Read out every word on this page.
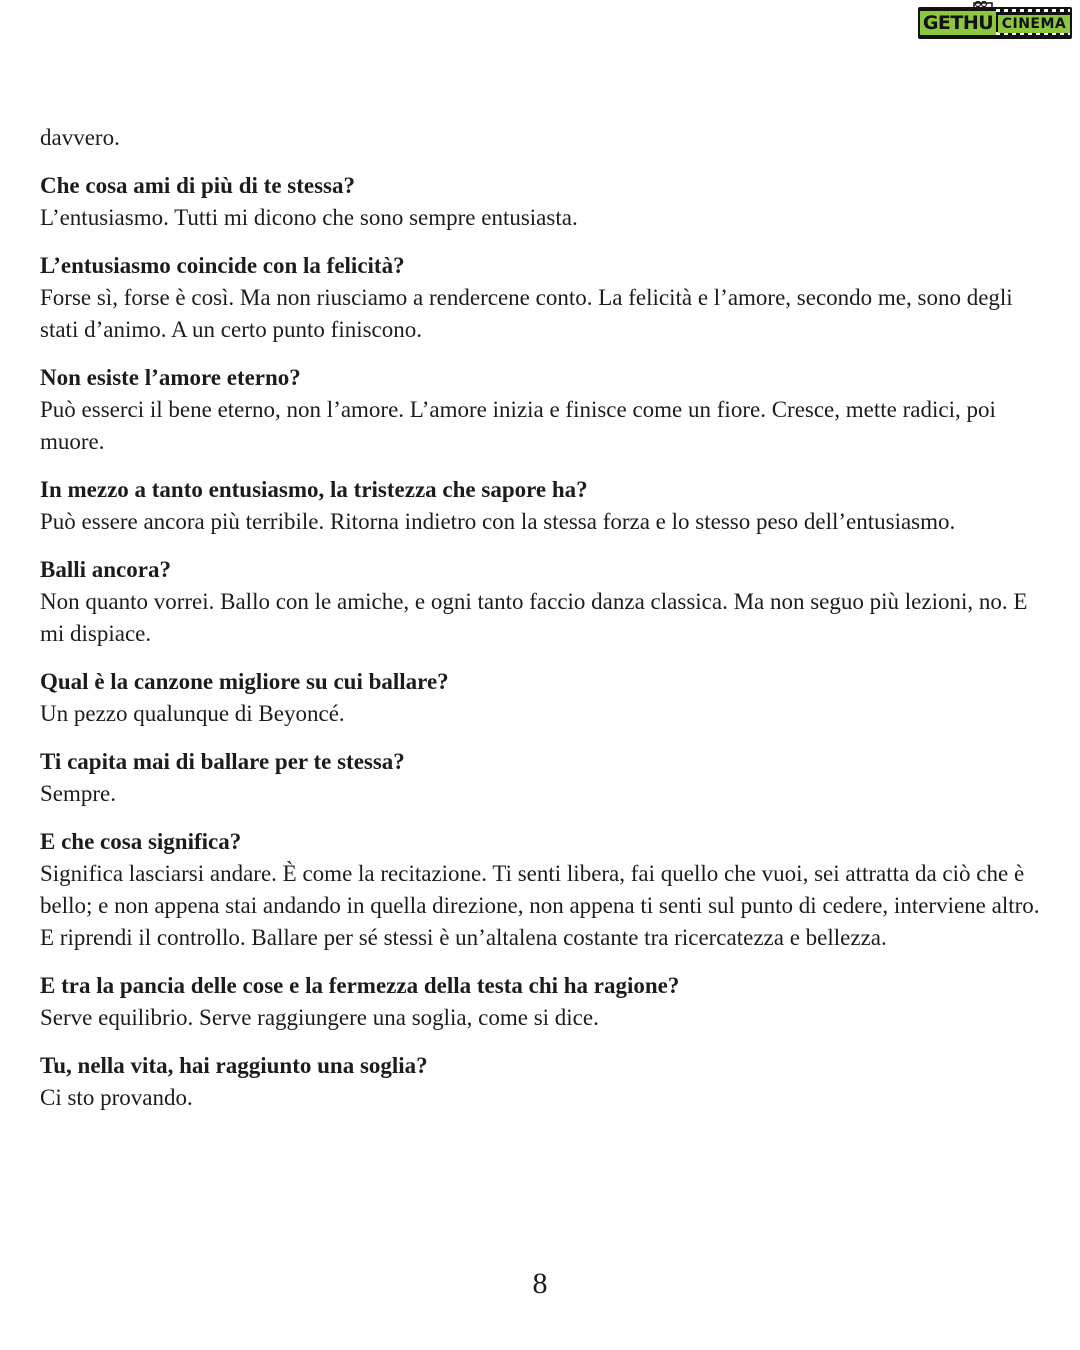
GETHU CINEMA

davvero.

Che cosa ami di più di te stessa?

L’entusiasmo. Tutti mi dicono che sono sempre entusiasta.

L’entusiasmo coincide con la felicità?

Forse sì, forse è così. Ma non riusciamo a rendercene conto. La felicità e l’amore, secondo me, sono degli stati d’animo. A un certo punto finiscono.

Non esiste l’amore eterno?

Può esserci il bene eterno, non l’amore. L’amore inizia e finisce come un fiore. Cresce, mette radici, poi muore.

In mezzo a tanto entusiasmo, la tristezza che sapore ha?

Può essere ancora più terribile. Ritorna indietro con la stessa forza e lo stesso peso dell’entusiasmo.

Balli ancora?

Non quanto vorrei. Ballo con le amiche, e ogni tanto faccio danza classica. Ma non seguo più lezioni, no. E mi dispiace.

Qual è la canzone migliore su cui ballare?

Un pezzo qualunque di Beyoncé.

Ti capita mai di ballare per te stessa?

Sempre.

E che cosa significa?

Significa lasciarsi andare. È come la recitazione. Ti senti libera, fai quello che vuoi, sei attratta da ciò che è bello; e non appena stai andando in quella direzione, non appena ti senti sul punto di cedere, interviene altro. E riprendi il controllo. Ballare per sé stessi è un’altalena costante tra ricercatezza e bellezza.

E tra la pancia delle cose e la fermezza della testa chi ha ragione?

Serve equilibrio. Serve raggiungere una soglia, come si dice.

Tu, nella vita, hai raggiunto una soglia?

Ci sto provando.

8
